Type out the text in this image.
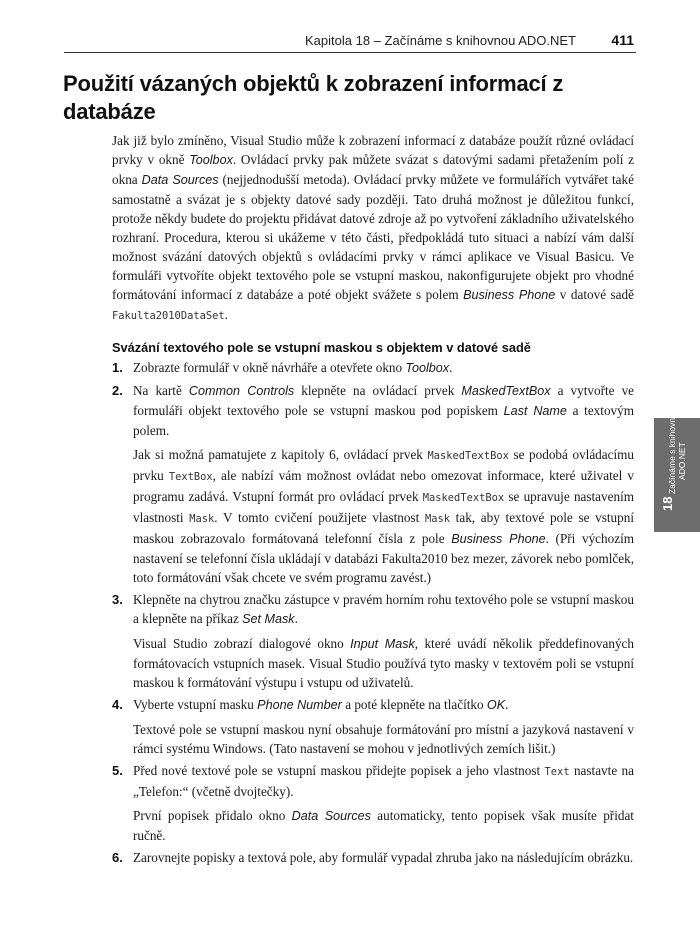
Kapitola 18 – Začínáme s knihovnou ADO.NET	411
Použití vázaných objektů k zobrazení informací z databáze

Jak již bylo zmíněno, Visual Studio může k zobrazení informací z databáze použít různé ovládací prvky v okně Toolbox. Ovládací prvky pak můžete svázat s datovými sadami přetažením polí z okna Data Sources (nejjednodušší metoda). Ovládací prvky můžete ve formulářích vytvářet také samostatně a svázat je s objekty datové sady později. Tato druhá možnost je důležitou funkcí, protože někdy budete do projektu přidávat datové zdroje až po vytvoření základního uživatelského rozhraní. Procedura, kterou si ukážeme v této části, předpokládá tuto situaci a nabízí vám další možnost svázání datových objektů s ovládacími prvky v rámci aplikace ve Visual Basicu. Ve formuláři vytvoříte objekt textového pole se vstupní maskou, nakonfigurujete objekt pro vhodné formátování informací z databáze a poté objekt svážete s polem Business Phone v datové sadě Fakulta2010DataSet.

Svázání textového pole se vstupní maskou s objektem v datové sadě
1. Zobrazte formulář v okně návrháře a otevřete okno Toolbox.

2. Na kartě Common Controls klepněte na ovládací prvek MaskedTextBox a vytvořte ve formuláři objekt textového pole se vstupní maskou pod popiskem Last Name a textovým polem.

Jak si možná pamatujete z kapitoly 6, ovládací prvek MaskedTextBox se podobá ovládacímu prvku TextBox, ale nabízí vám možnost ovládat nebo omezovat informace, které uživatel v programu zadává. Vstupní formát pro ovládací prvek MaskedTextBox se upravuje nastavením vlastnosti Mask. V tomto cvičení použijete vlastnost Mask tak, aby textové pole se vstupní maskou zobrazovalo formátovaná telefonní čísla z pole Business Phone. (Při výchozím nastavení se telefonní čísla ukládají v databázi Fakulta2010 bez mezer, závorek nebo pomlček, toto formátování však chcete ve svém programu zavést.)

3. Klepněte na chytrou značku zástupce v pravém horním rohu textového pole se vstupní maskou a klepněte na příkaz Set Mask.

Visual Studio zobrazí dialogové okno Input Mask, které uvádí několik předdefinovaných formátovacích vstupních masek. Visual Studio používá tyto masky v textovém poli se vstupní maskou k formátování výstupu i vstupu od uživatelů.

4. Vyberte vstupní masku Phone Number a poté klepněte na tlačítko OK.

Textové pole se vstupní maskou nyní obsahuje formátování pro místní a jazyková nastavení v rámci systému Windows. (Tato nastavení se mohou v jednotlivých zemích lišit.)

5. Před nové textové pole se vstupní maskou přidejte popisek a jeho vlastnost Text nastavte na „Telefon:“ (včetně dvojtečky).

První popisek přidalo okno Data Sources automaticky, tento popisek však musíte přidat ručně.

6. Zarovnejte popisky a textová pole, aby formulář vypadal zhruba jako na následujícím obrázku.

18
Začínáme s knihovnou ADO.NET
